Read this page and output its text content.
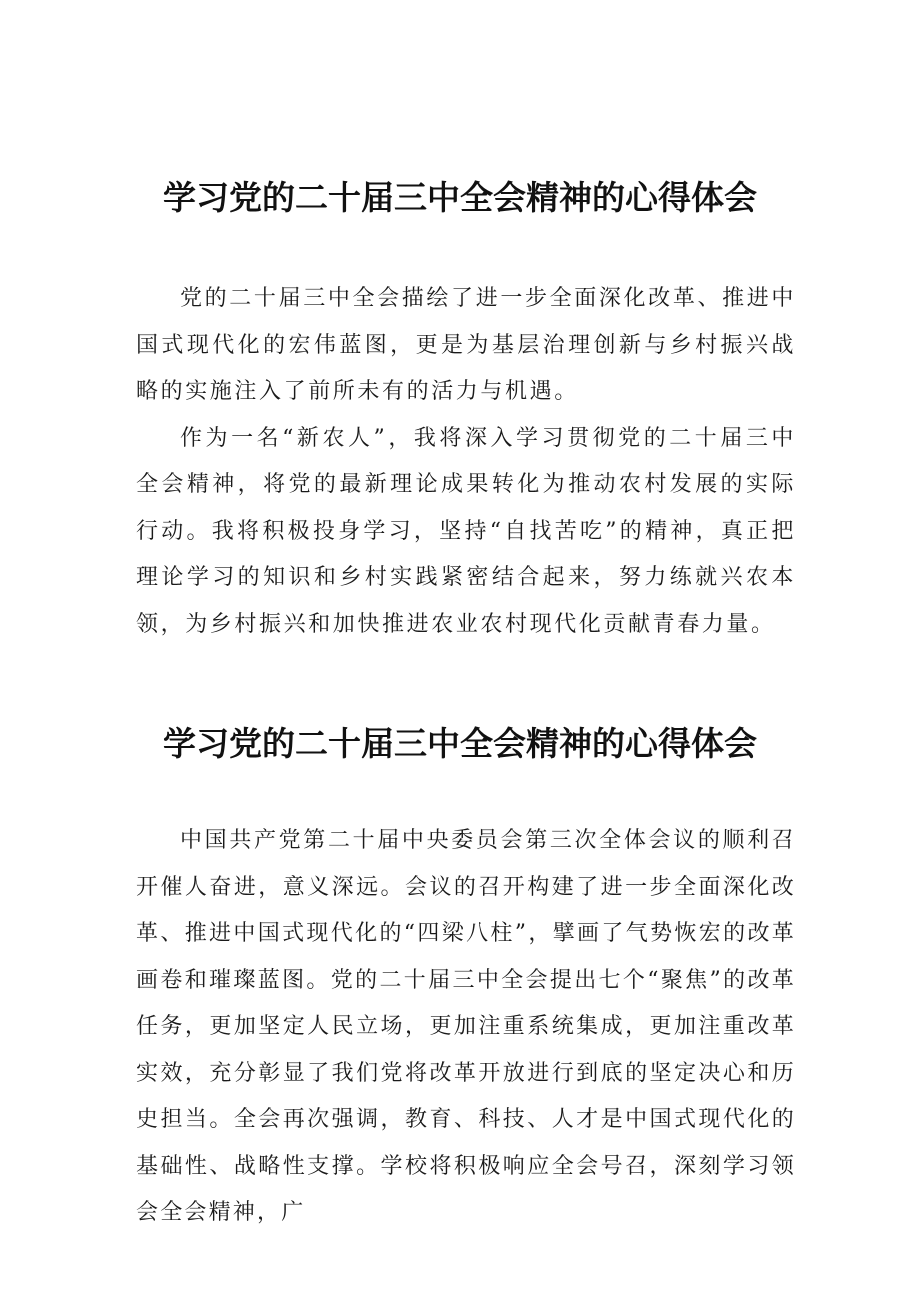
学习党的二十届三中全会精神的心得体会

党的二十届三中全会描绘了进一步全面深化改革、推进中国式现代化的宏伟蓝图，更是为基层治理创新与乡村振兴战略的实施注入了前所未有的活力与机遇。

作为一名“新农人”，我将深入学习贯彻党的二十届三中全会精神，将党的最新理论成果转化为推动农村发展的实际行动。我将积极投身学习，坚持“自找苦吃”的精神，真正把理论学习的知识和乡村实践紧密结合起来，努力练就兴农本领，为乡村振兴和加快推进农业农村现代化贡献青春力量。

学习党的二十届三中全会精神的心得体会

中国共产党第二十届中央委员会第三次全体会议的顺利召开催人奋进，意义深远。会议的召开构建了进一步全面深化改革、推进中国式现代化的“四梁八柱”，擘画了气势恢宏的改革画卷和璀璨蓝图。党的二十届三中全会提出七个“聚焦”的改革任务，更加坚定人民立场，更加注重系统集成，更加注重改革实效，充分彰显了我们党将改革开放进行到底的坚定决心和历史担当。全会再次强调，教育、科技、人才是中国式现代化的基础性、战略性支撑。学校将积极响应全会号召，深刻学习领会全会精神，广
